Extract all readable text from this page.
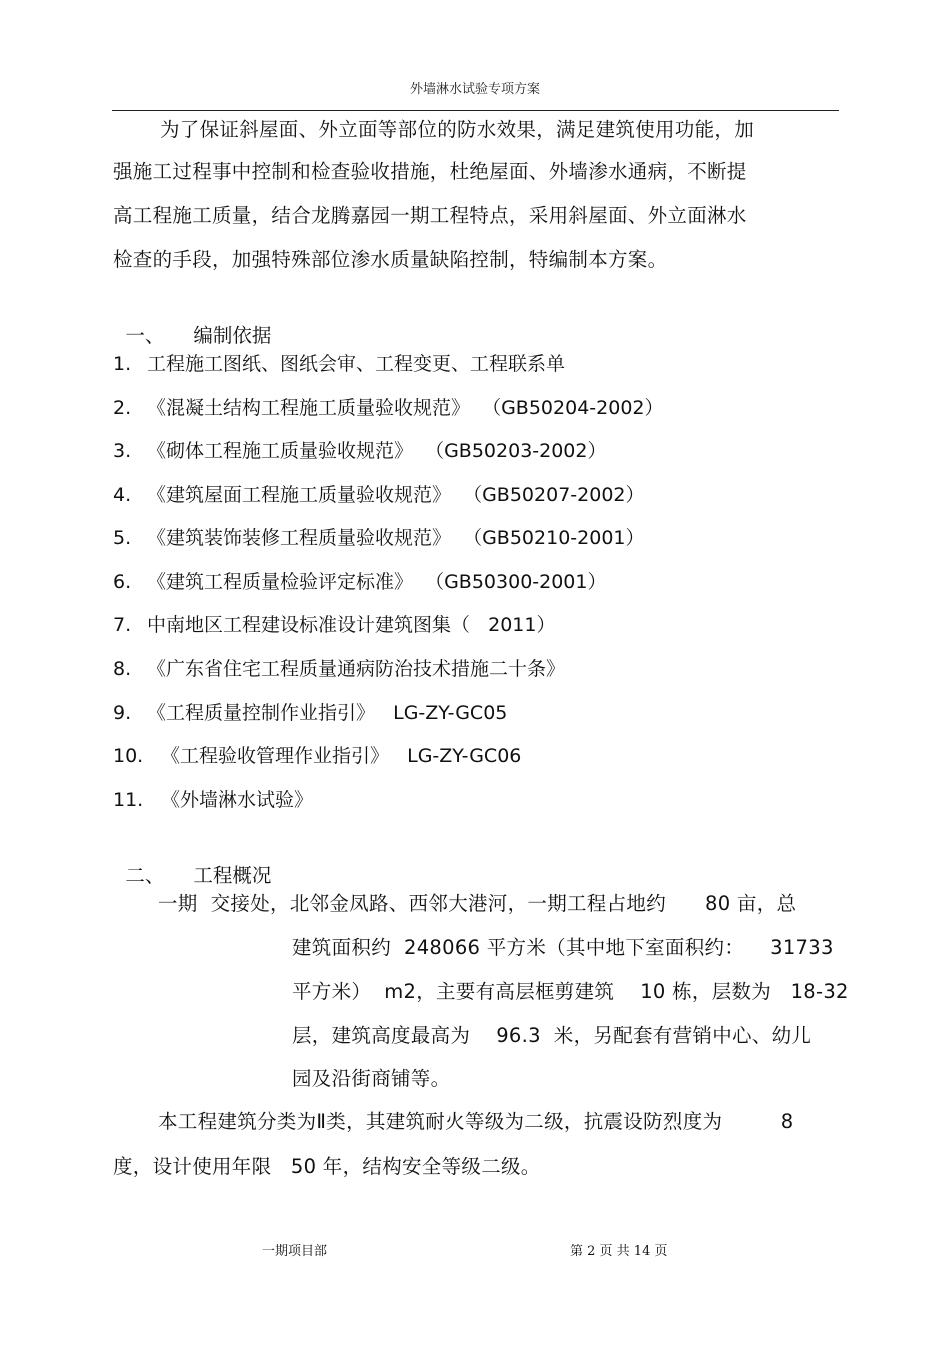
外墙淋水试验专项方案
为了保证斜屋面、外立面等部位的防水效果，满足建筑使用功能，加
强施工过程事中控制和检查验收措施，杜绝屋面、外墙渗水通病，不断提
高工程施工质量，结合龙腾嘉园一期工程特点，采用斜屋面、外立面淋水
检查的手段，加强特殊部位渗水质量缺陷控制，特编制本方案。

一、 编制依据

1. 工程施工图纸、图纸会审、工程变更、工程联系单
2. 《混凝土结构工程施工质量验收规范》  （GB50204-2002）
3. 《砌体工程施工质量验收规范》  （GB50203-2002）
4. 《建筑屋面工程施工质量验收规范》  （GB50207-2002）
5. 《建筑装饰装修工程质量验收规范》  （GB50210-2001）
6. 《建筑工程质量检验评定标准》  （GB50300-2001）
7. 中南地区工程建设标准设计建筑图集（   2011）
8. 《广东省住宅工程质量通病防治技术措施二十条》
9. 《工程质量控制作业指引》   LG-ZY-GC05
10. 《工程验收管理作业指引》   LG-ZY-GC06
11. 《外墙淋水试验》

二、 工程概况

一期  交接处，北邻金凤路、西邻大港河，一期工程占地约      80 亩，总
建筑面积约  248066 平方米（其中地下室面积约：    31733
平方米）  m2，主要有高层框剪建筑    10 栋，层数为   18-32
层，建筑高度最高为    96.3  米，另配套有营销中心、幼儿
园及沿街商铺等。
本工程建筑分类为Ⅱ类，其建筑耐火等级为二级，抗震设防烈度为         8
度，设计使用年限   50 年，结构安全等级二级。
一期项目部	第 2 页 共 14 页
